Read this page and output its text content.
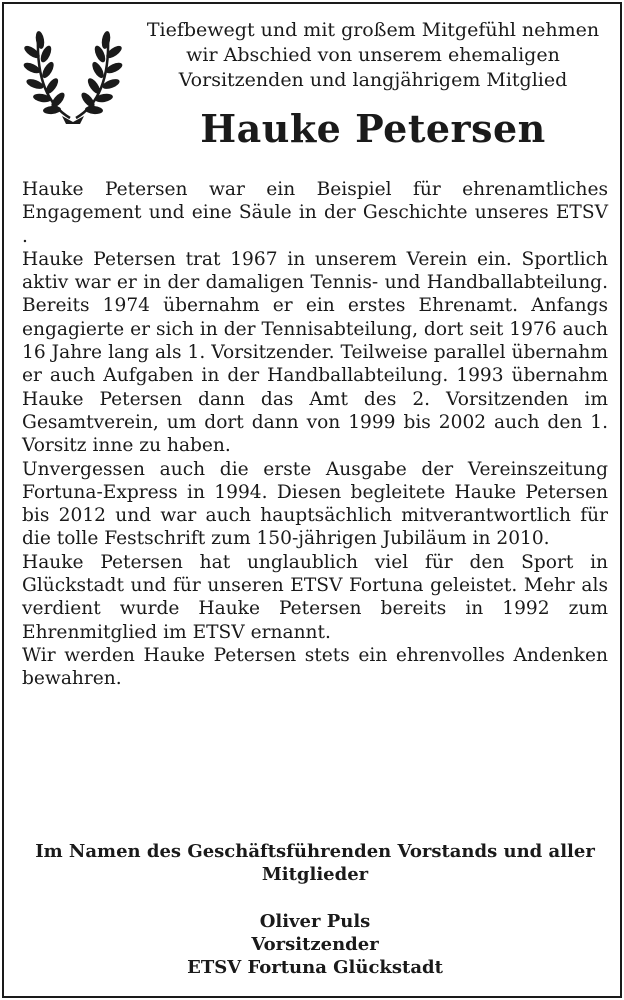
Tiefbewegt und mit großem Mitgefühl nehmen
wir Abschied von unserem ehemaligen
Vorsitzenden und langjährigem Mitglied
Hauke Petersen

Hauke Petersen war ein Beispiel für ehrenamtliches Engagement und eine Säule in der Geschichte unseres ETSV .

Hauke Petersen trat 1967 in unserem Verein ein. Sportlich aktiv war er in der damaligen Tennis- und Handballabteilung. Bereits 1974 übernahm er ein erstes Ehrenamt. Anfangs engagierte er sich in der Tennisabteilung, dort seit 1976 auch 16 Jahre lang als 1. Vorsitzender. Teilweise parallel übernahm er auch Aufgaben in der Handballabteilung. 1993 übernahm Hauke Petersen dann das Amt des 2. Vorsitzenden im Gesamtverein, um dort dann von 1999 bis 2002 auch den 1. Vorsitz inne zu haben.

Unvergessen auch die erste Ausgabe der Vereinszeitung Fortuna-Express in 1994. Diesen begleitete Hauke Petersen bis 2012 und war auch hauptsächlich mitverantwortlich für die tolle Festschrift zum 150-jährigen Jubiläum in 2010.

Hauke Petersen hat unglaublich viel für den Sport in Glückstadt und für unseren ETSV Fortuna geleistet. Mehr als verdient wurde Hauke Petersen bereits in 1992 zum Ehrenmitglied im ETSV ernannt.

Wir werden Hauke Petersen stets ein ehrenvolles Andenken bewahren.

Im Namen des Geschäftsführenden Vorstands und aller
Mitglieder
Oliver Puls
Vorsitzender
ETSV Fortuna Glückstadt
